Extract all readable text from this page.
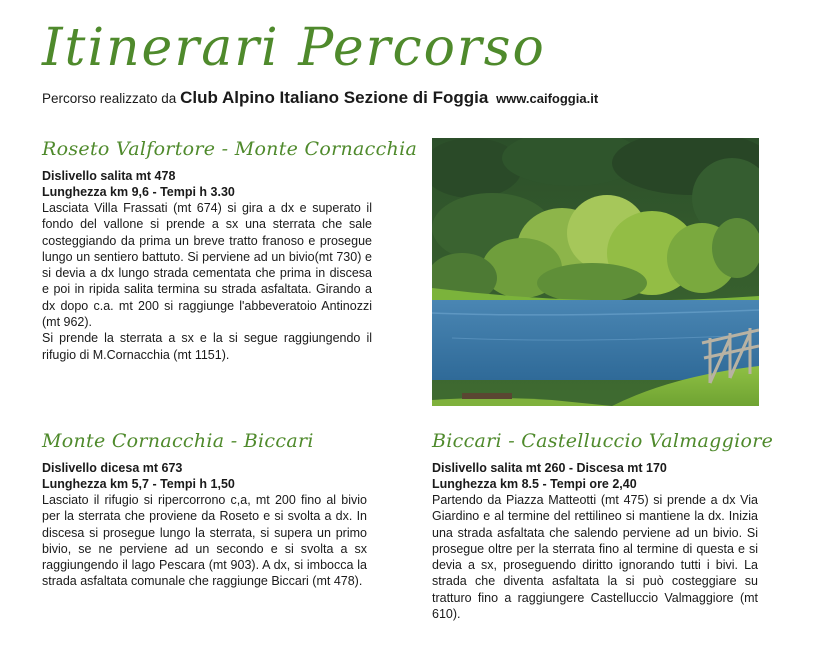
Itinerari Percorso
Percorso realizzato da Club Alpino Italiano Sezione di Foggia www.caifoggia.it
Roseto Valfortore - Monte Cornacchia
Dislivello salita mt 478
Lunghezza km 9,6 - Tempi h 3.30

Lasciata Villa Frassati (mt 674) si gira a dx e superato il fondo del vallone si prende a sx una sterrata che sale costeggiando da prima un breve tratto franoso e prosegue lungo un sentiero battuto. Si perviene ad un bivio(mt 730) e si devia a dx lungo strada cementata che prima in discesa e poi in ripida salita termina su strada asfaltata. Girando a dx dopo c.a. mt 200 si raggiunge l'abbeveratoio Antinozzi (mt 962).

Si prende la sterrata a sx e la si segue raggiungendo il rifugio di M.Cornacchia (mt 1151).

Monte Cornacchia - Biccari
Dislivello dicesa mt 673
Lunghezza km 5,7 - Tempi h 1,50

Lasciato il rifugio si ripercorrono c,a, mt 200 fino al bivio per la sterrata che proviene da Roseto e si svolta a dx. In discesa si prosegue lungo la sterrata, si supera un primo bivio, se ne perviene ad un secondo e si svolta a sx raggiungendo il lago Pescara (mt 903). A dx, si imbocca la strada asfaltata comunale che raggiunge Biccari (mt 478).

Biccari - Castelluccio Valmaggiore
Dislivello salita mt 260 - Discesa mt 170
Lunghezza km 8.5 - Tempi ore 2,40

Partendo da Piazza Matteotti (mt 475) si prende a dx Via Giardino e al termine del rettilineo si mantiene la dx. Inizia una strada asfaltata che salendo perviene ad un bivio. Si prosegue oltre per la sterrata fino al termine di questa e si devia a sx, proseguendo diritto ignorando tutti i bivi. La strada che diventa asfaltata la si può costeggiare su tratturo fino a raggiungere Castelluccio Valmaggiore (mt 610).
